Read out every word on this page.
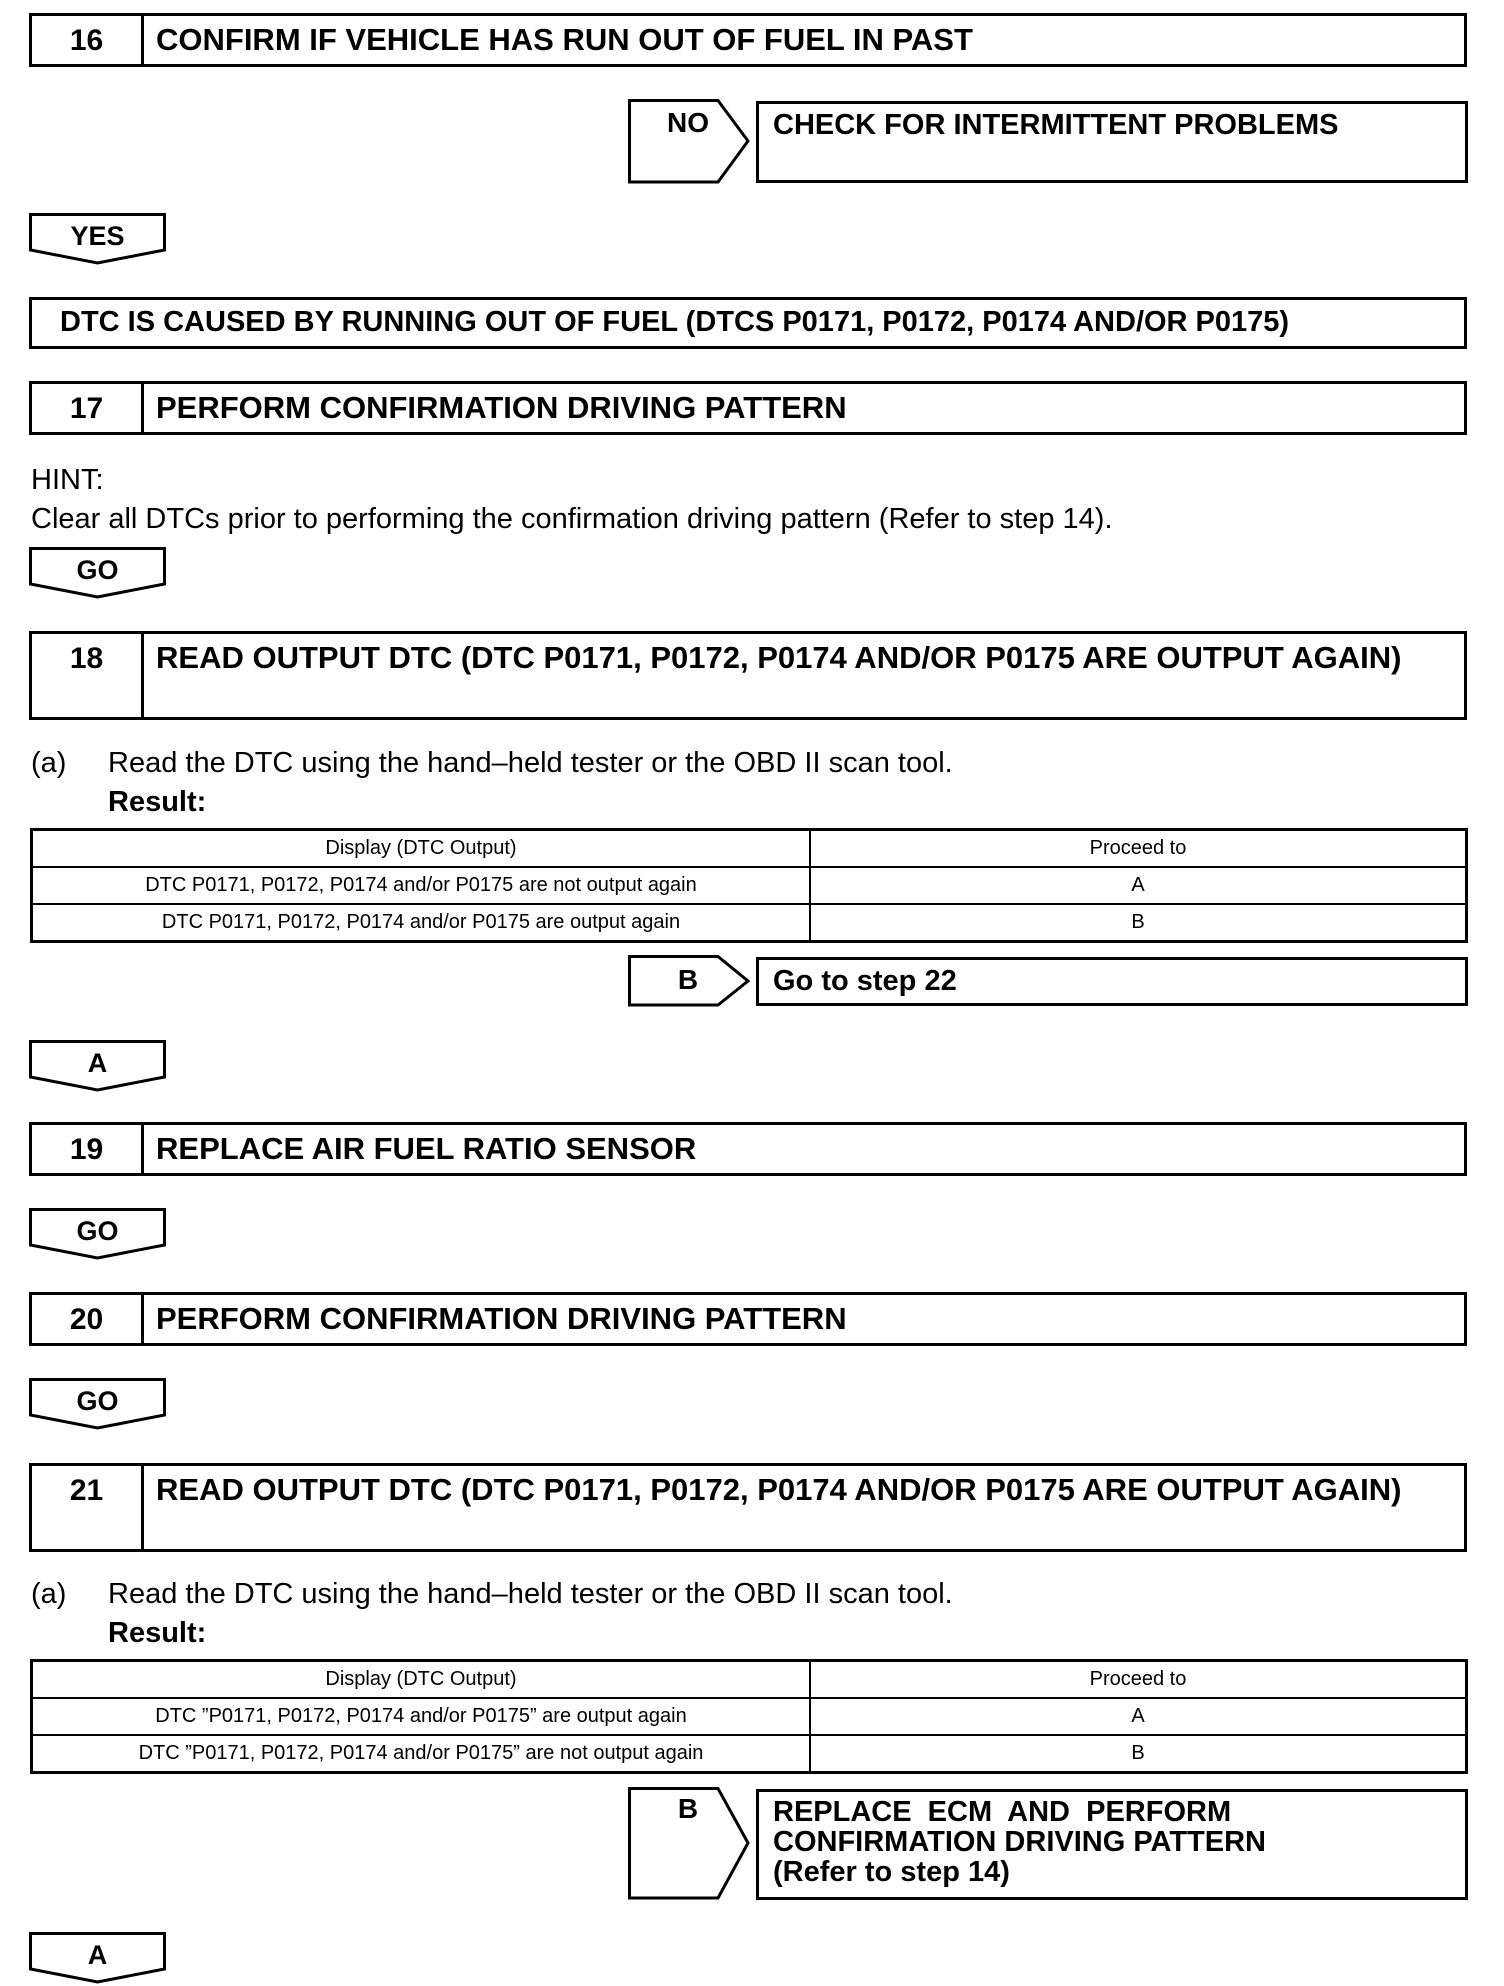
16	CONFIRM IF VEHICLE HAS RUN OUT OF FUEL IN PAST
NO	CHECK FOR INTERMITTENT PROBLEMS
YES
DTC IS CAUSED BY RUNNING OUT OF FUEL (DTCS P0171, P0172, P0174 AND/OR P0175)
17	PERFORM CONFIRMATION DRIVING PATTERN
HINT:
Clear all DTCs prior to performing the confirmation driving pattern (Refer to step 14).
GO
18	READ OUTPUT DTC (DTC P0171, P0172, P0174 AND/OR P0175 ARE OUTPUT AGAIN)
(a) Read the DTC using the hand–held tester or the OBD II scan tool.
Result:
Display (DTC Output)	Proceed to
DTC P0171, P0172, P0174 and/or P0175 are not output again	A
DTC P0171, P0172, P0174 and/or P0175 are output again	B
B	Go to step 22
A
19	REPLACE AIR FUEL RATIO SENSOR
GO
20	PERFORM CONFIRMATION DRIVING PATTERN
GO
21	READ OUTPUT DTC (DTC P0171, P0172, P0174 AND/OR P0175 ARE OUTPUT AGAIN)
(a) Read the DTC using the hand–held tester or the OBD II scan tool.
Result:
Display (DTC Output)	Proceed to
DTC ”P0171, P0172, P0174 and/or P0175” are output again	A
DTC ”P0171, P0172, P0174 and/or P0175” are not output again	B
B	REPLACE  ECM  AND  PERFORM
CONFIRMATION DRIVING PATTERN
(Refer to step 14)
A
